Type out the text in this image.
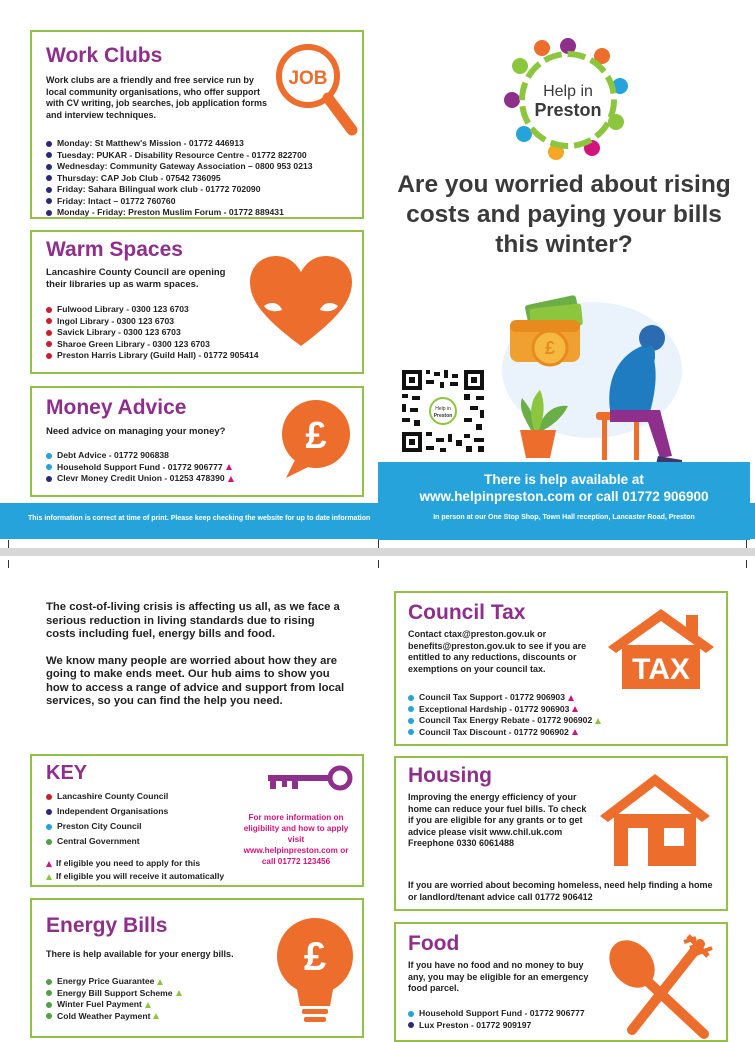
Work Clubs

Work clubs are a friendly and free service run by local community organisations, who offer support with CV writing, job searches, job application forms and interview techniques.

JOB
Monday: St Matthew's Mission - 01772 446913
Tuesday: PUKAR - Disability Resource Centre - 01772 822700
Wednesday: Community Gateway Association – 0800 953 0213
Thursday: CAP Job Club - 07542 736095
Friday: Sahara Bilingual work club - 01772 702090
Friday: Intact – 01772 760760
Monday - Friday: Preston Muslim Forum - 01772 889431
Warm Spaces

Lancashire County Council are opening their libraries up as warm spaces.

Fulwood Library - 0300 123 6703
Ingol Library - 0300 123 6703
Savick Library - 0300 123 6703
Sharoe Green Library - 0300 123 6703
Preston Harris Library (Guild Hall) - 01772 905414
Money Advice

Need advice on managing your money?	£
Debt Advice - 01772 906838
Household Support Fund - 01772 906777
Clevr Money Credit Union - 01253 478390
This information is correct at time of print. Please keep checking the website for up to date information
Help in
Preston
Are you worried about rising costs and paying your bills this winter?
Help in
Preston
£
There is help available at
www.helpinpreston.com or call 01772 906900
In person at our One Stop Shop, Town Hall reception, Lancaster Road, Preston

The cost-of-living crisis is affecting us all, as we face a serious reduction in living standards due to rising costs including fuel, energy bills and food.

We know many people are worried about how they are going to make ends meet. Our hub aims to show you how to access a range of advice and support from local services, so you can find the help you need.

KEY
Lancashire County Council
Independent Organisations
Preston City Council
Central Government
If eligible you need to apply for this
If eligible you will receive it automatically
For more information on eligibility and how to apply visit www.helpinpreston.com or call 01772 123456
Energy Bills

There is help available for your energy bills.	£
Energy Price Guarantee
Energy Bill Support Scheme
Winter Fuel Payment
Cold Weather Payment
Council Tax

Contact ctax@preston.gov.uk or benefits@preston.gov.uk to see if you are entitled to any reductions, discounts or exemptions on your council tax.	TAX
Council Tax Support - 01772 906903
Exceptional Hardship - 01772 906903
Council Tax Energy Rebate - 01772 906902
Council Tax Discount - 01772 906902
Housing

Improving the energy efficiency of your home can reduce your fuel bills. To check if you are eligible for any grants or to get advice please visit www.chil.uk.com Freephone 0330 6061488

If you are worried about becoming homeless, need help finding a home or landlord/tenant advice call 01772 906412

Food

If you have no food and no money to buy any, you may be eligible for an emergency food parcel.

Household Support Fund - 01772 906777
Lux Preston - 01772 909197
